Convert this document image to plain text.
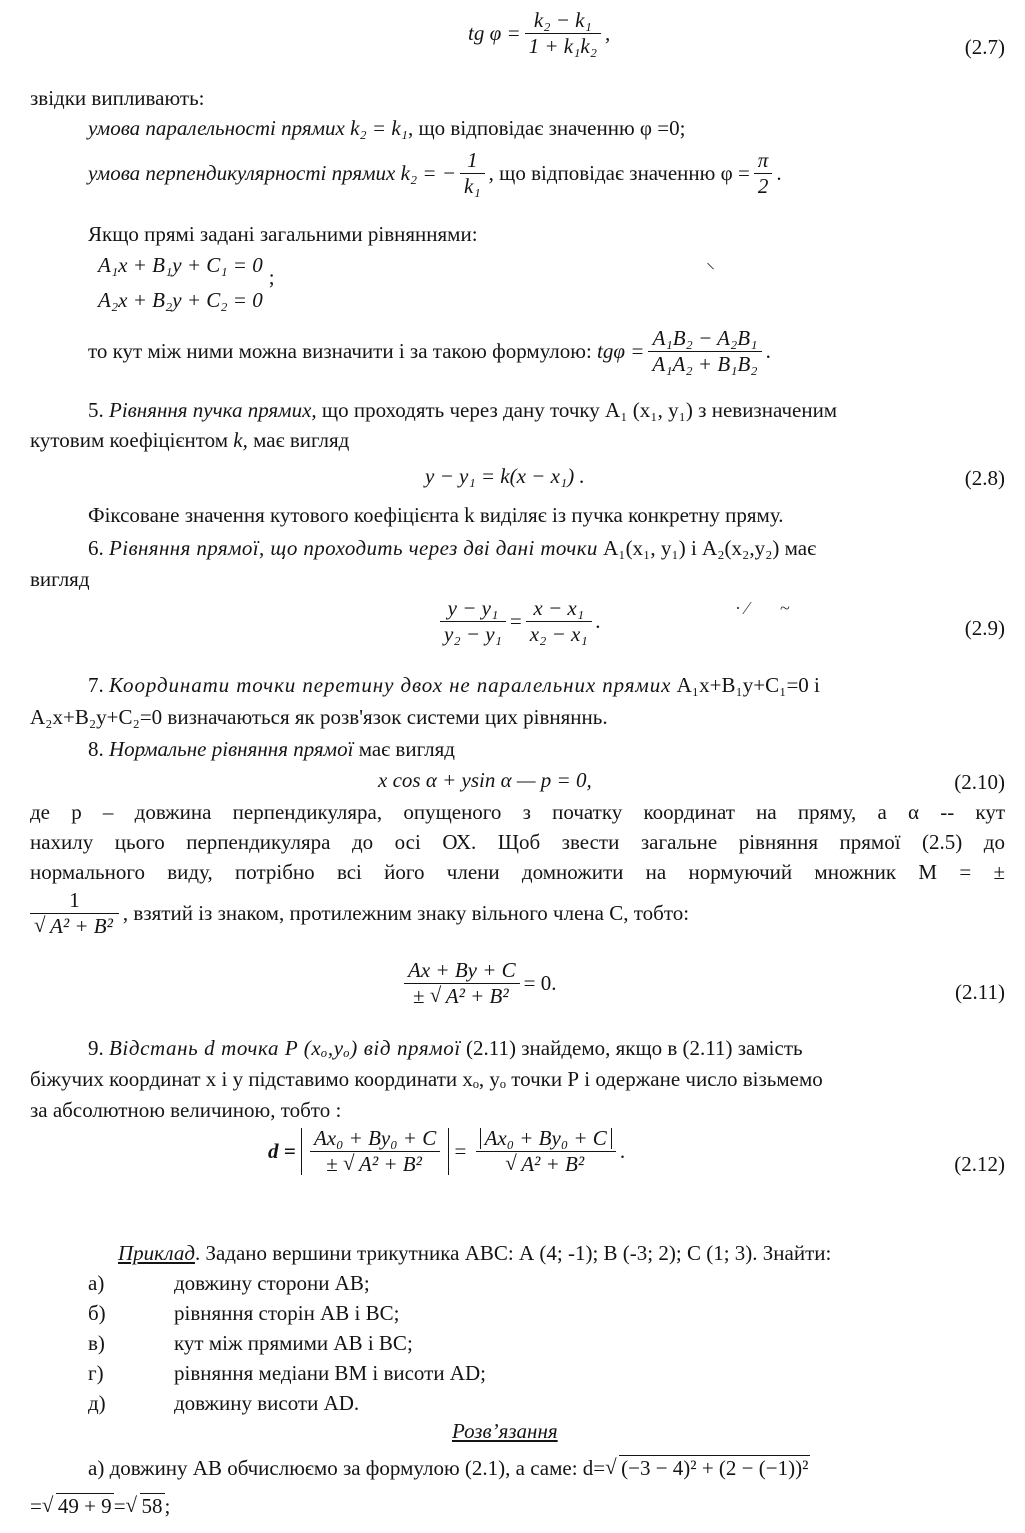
tg $\varphi = \frac{\text{k₂ − k₁}}{\text{1 + k₁k₂}}$ ,
(2.7)
звідки випливають:
умова паралельності прямих k₂ = k₁, що відповідає значенню φ =0;
умова перпендикулярності прямих k₂ = − $\frac{1}{\text{k₁}}$ , що відповідає значенню $\varphi = \frac{\pi}{2}$ .
Якщо прямі задані загальними рівняннями:
A₁x + B₁y + C₁ = 0 ;
A₂x + B₂y + C₂ = 0
⸜
то кут між ними можна визначити і за такою формулою: $tg\varphi = \frac{\text{A₁B₂ − A₂B₁}}{\text{A₁A₂ + B₁B₂}}$ .
5. Рівняння пучка прямих, що проходять через дану точку A₁ (x₁, y₁) з невизначеним
кутовим коефіцієнтом k, має вигляд
y − y₁ = k(x − x₁) .	(2.8)
Фіксоване значення кутового коефіцієнта k виділяє із пучка конкретну пряму.
6. Рівняння прямої, що проходить через дві дані точки A₁(x₁, y₁) і A₂(x₂,y₂) має
вигляд
$\frac{\text{y − y₁}}{\text{y₂ − y₁}} = \frac{\text{x − x₁}}{\text{x₂ − x₁}}$ .	(2.9)
· ⁄       ~
7. Координати точки перетину двох не паралельних прямих A₁x+B₁y+C₁=0 і
A₂x+B₂y+C₂=0 визначаються як розв'язок системи цих рівняннь.
8. Нормальне рівняння прямої має вигляд
x cos α + ysin α — p = 0,	(2.10)
де р – довжина перпендикуляра, опущеного з початку координат на пряму, а α -- кут
нахилу цього перпендикуляра до осі ОХ. Щоб звести загальне рівняння прямої (2.5) до
нормального виду, потрібно всі його члени домножити на нормуючий множник М = ±
1
√ A² + B² , взятий із знаком, протилежним знаку вільного члена С, тобто:
$\frac{Ax + By + C}{\text{± √ A² + B²}} = 0$.	(2.11)
9. Відстань d точка P (xₒ,yₒ) від прямої (2.11) знайдемо, якщо в (2.11) замість
біжучих координат x і y підставимо координати xₒ, yₒ точки Р і одержане число візьмемо
за абсолютною величиною, тобто :
$d = \frac{\text{Ax₀ + By₀ + C}}{\text{± √ A² + B²}} = Ax_0 + By_0 + C$
√ A² + B² .
(2.12)
Приклад. Задано вершини трикутника АВС: А (4; -1); В (-3; 2); С (1; 3). Знайти:
а)	довжину сторони АВ;
б)	рівняння сторін АВ і ВС;
в)	кут між прямими АВ і ВС;
г)	рівняння медіани ВМ і висоти AD;
д)	довжину висоти AD.
Розв’язання
а) довжину АВ обчислюємо за формулою (2.1), а саме: d= √ (−3 − 4)² + (2 − (−1))²
= √ 49 + 9= √ 58;
